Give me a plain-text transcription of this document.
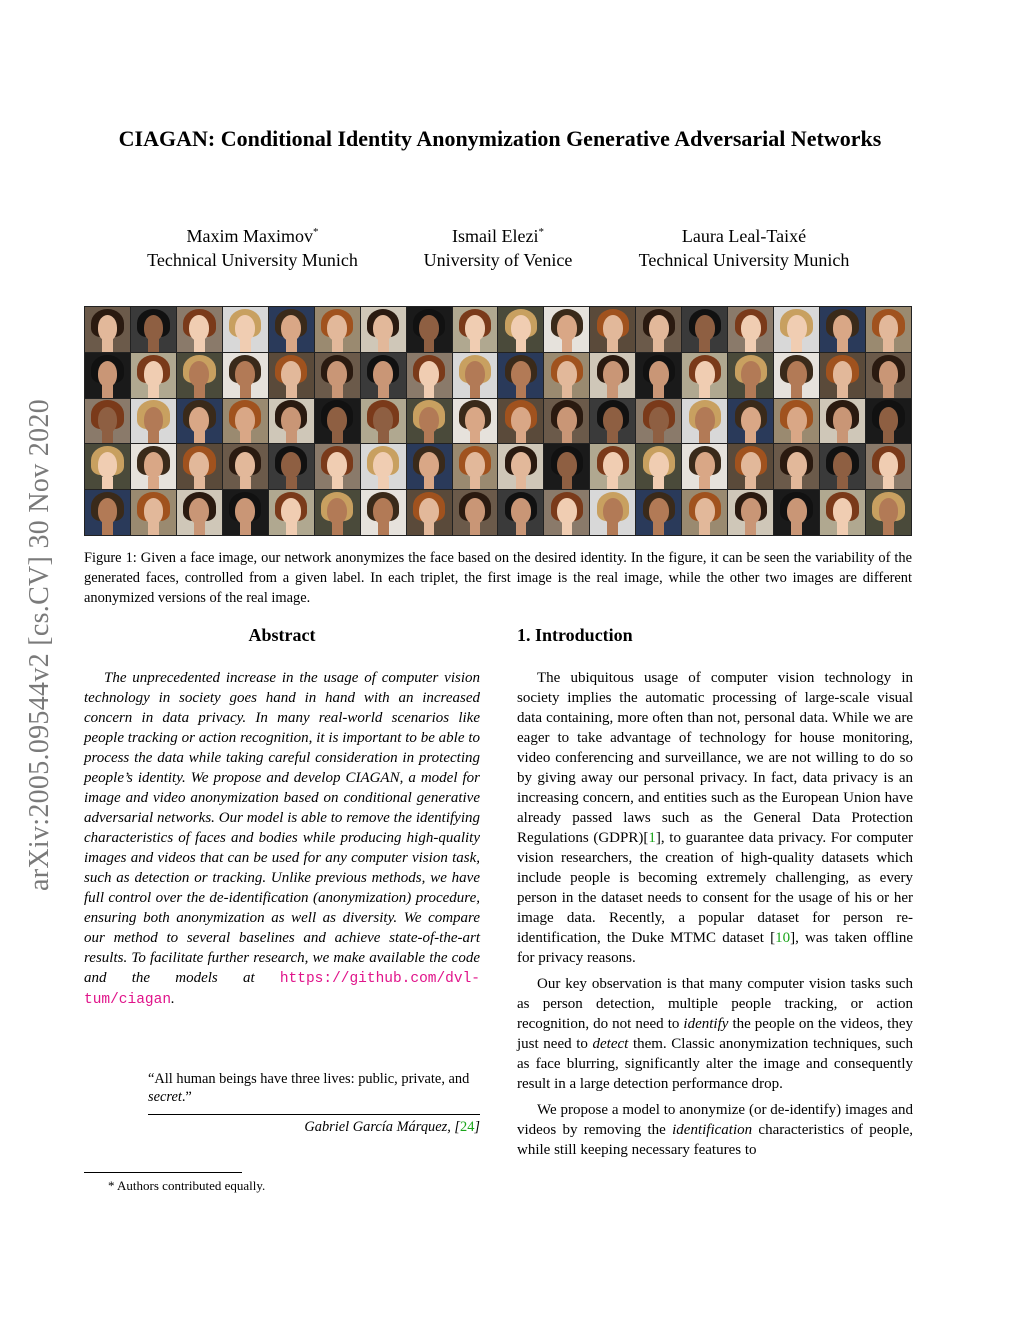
arXiv:2005.09544v2 [cs.CV] 30 Nov 2020
CIAGAN: Conditional Identity Anonymization Generative Adversarial Networks
Maxim Maximov*
Technical University Munich
Ismail Elezi*
University of Venice
Laura Leal-Taixé
Technical University Munich
Figure 1: Given a face image, our network anonymizes the face based on the desired identity. In the figure, it can be seen the variability of the generated faces, controlled from a given label. In each triplet, the first image is the real image, while the other two images are different anonymized versions of the real image.
Abstract

The unprecedented increase in the usage of computer vision technology in society goes hand in hand with an increased concern in data privacy. In many real-world scenarios like people tracking or action recognition, it is important to be able to process the data while taking careful consideration in protecting people’s identity. We propose and develop CIAGAN, a model for image and video anonymization based on conditional generative adversarial networks. Our model is able to remove the identifying characteristics of faces and bodies while producing high-quality images and videos that can be used for any computer vision task, such as detection or tracking. Unlike previous methods, we have full control over the de-identification (anonymization) procedure, ensuring both anonymization as well as diversity. We compare our method to several baselines and achieve state-of-the-art results. To facilitate further research, we make available the code and the models at https://github.com/dvl-tum/ciagan.

“All human beings have three lives: public, private, and secret.”
Gabriel García Márquez, [24]
* Authors contributed equally.
1. Introduction

The ubiquitous usage of computer vision technology in society implies the automatic processing of large-scale visual data containing, more often than not, personal data. While we are eager to take advantage of technology for house monitoring, video conferencing and surveillance, we are not willing to do so by giving away our personal privacy. In fact, data privacy is an increasing concern, and entities such as the European Union have already passed laws such as the General Data Protection Regulations (GDPR)[1], to guarantee data privacy. For computer vision researchers, the creation of high-quality datasets which include people is becoming extremely challenging, as every person in the dataset needs to consent for the usage of his or her image data. Recently, a popular dataset for person re-identification, the Duke MTMC dataset [10], was taken offline for privacy reasons.

Our key observation is that many computer vision tasks such as person detection, multiple people tracking, or action recognition, do not need to identify the people on the videos, they just need to detect them. Classic anonymization techniques, such as face blurring, significantly alter the image and consequently result in a large detection performance drop.

We propose a model to anonymize (or de-identify) images and videos by removing the identification characteristics of people, while still keeping necessary features to
